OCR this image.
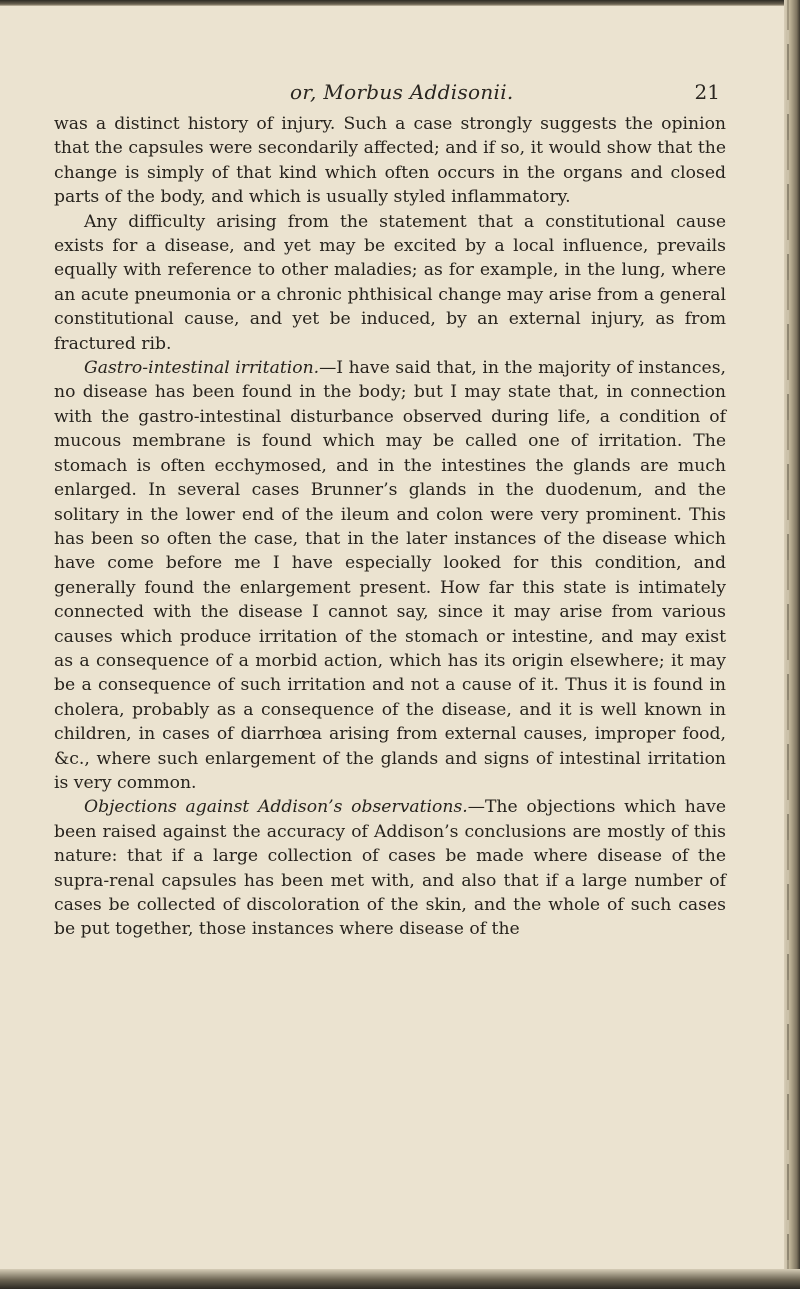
or, Morbus Addisonii.	21

was a distinct history of injury. Such a case strongly suggests the opinion that the capsules were secondarily affected; and if so, it would show that the change is simply of that kind which often occurs in the organs and closed parts of the body, and which is usually styled inflammatory.

Any difficulty arising from the statement that a constitutional cause exists for a disease, and yet may be excited by a local influence, prevails equally with reference to other maladies; as for example, in the lung, where an acute pneumonia or a chronic phthisical change may arise from a general constitutional cause, and yet be induced, by an external injury, as from fractured rib.

Gastro-intestinal irritation.—I have said that, in the majority of instances, no disease has been found in the body; but I may state that, in connection with the gastro-intestinal disturbance observed during life, a condition of mucous membrane is found which may be called one of irritation. The stomach is often ecchymosed, and in the intestines the glands are much enlarged. In several cases Brunner’s glands in the duodenum, and the solitary in the lower end of the ileum and colon were very prominent. This has been so often the case, that in the later instances of the disease which have come before me I have especially looked for this condition, and generally found the enlargement present. How far this state is intimately connected with the disease I cannot say, since it may arise from various causes which produce irritation of the stomach or intestine, and may exist as a consequence of a morbid action, which has its origin elsewhere; it may be a consequence of such irritation and not a cause of it. Thus it is found in cholera, probably as a consequence of the disease, and it is well known in children, in cases of diarrhœa arising from external causes, improper food, &c., where such enlargement of the glands and signs of intestinal irritation is very common.

Objections against Addison’s observations.—The objections which have been raised against the accuracy of Addison’s conclusions are mostly of this nature: that if a large collection of cases be made where disease of the supra-renal capsules has been met with, and also that if a large number of cases be collected of discoloration of the skin, and the whole of such cases be put together, those instances where disease of the
